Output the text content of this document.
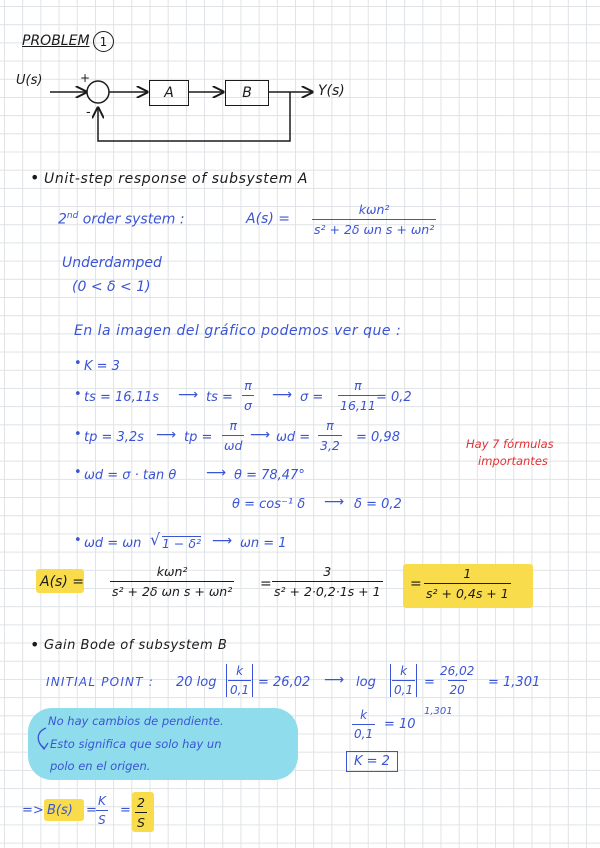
PROBLEM 1
U(s)	+
-
A	B	Y(s)
• Unit-step response of subsystem A
2nd order system :	A(s) =
kωn²
s² + 2δ ωn s + ωn²
Underdamped
(0 < δ < 1)
En la imagen del gráfico podemos ver que :
• K = 3
• ts = 16,11s ⟶ ts = $\frac{\pi}{\sigma}$ ⟶ $\sigma = \frac{\pi}{16,11}$
= 0,2
• tp = 3,2s ⟶ tp = $\frac{\pi}{\omega d}$ ⟶ $\omega d = \frac{\pi}{3,2} = 0,98$	Hay 7 fórmulas
importantes
• ωd = σ · tan θ ⟶ θ = 78,47°
θ = cos⁻¹ δ ⟶ δ = 0,2
• ωd = ωn √ 1 − δ² ⟶ ωn = 1
A(s) =
kωn²
s² + 2δ ωn $s + \omega n^2 = \frac{3}{\text{s² + 2·0,2·1s + 1}} = \frac{1}{\text{s² + 0,4s + 1}}$
• Gain Bode of subsystem B
INITIAL POINT : 20 $\log \frac{k}{0,1} = 26,02$ ⟶ $\log \frac{k}{0,1} = \frac{26,02}{20} = 1,301$
$\frac{k}{0,1} = 10$
1,301
K = 2
No hay cambios de pendiente.
Esto significa que solo hay un
polo en el origen.
=> $B(s) = \frac{K}{S} = \frac{2}{S}$
